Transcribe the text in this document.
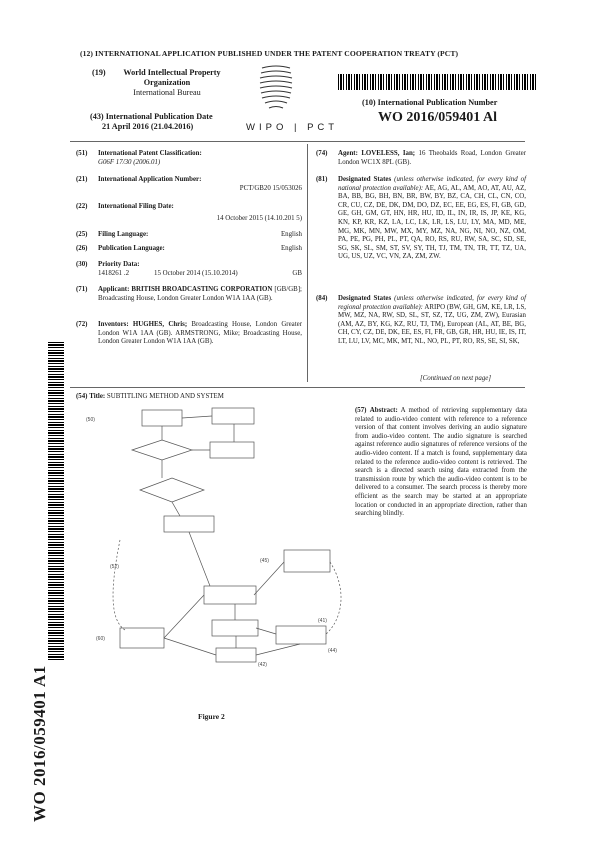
(12) INTERNATIONAL APPLICATION PUBLISHED UNDER THE PATENT COOPERATION TREATY (PCT)
(19)	World Intellectual Property
Organization
International Bureau
(43) International Publication Date
21 April 2016 (21.04.2016)	WIPO | PCT
(10) International Publication Number
WO 2016/059401 Al
(51) International Patent Classification:
G06F 17/30 (2006.01)
(21) International Application Number:
PCT/GB20 15/053026
(22) International Filing Date:
14 October 2015 (14.10.201 5)
(25) Filing Language:	English
(26) Publication Language:	English
(30) Priority Data:
1418261 .2	15 October 2014 (15.10.2014)	GB
(71) Applicant: BRITISH BROADCASTING CORPORATION [GB/GB]; Broadcasting House, London Greater London W1A 1AA (GB).
(72) Inventors: HUGHES, Chris; Broadcasting House, London Greater London W1A 1AA (GB). ARMSTRONG, Mike; Broadcasting House, London Greater London W1A 1AA (GB).
(74) Agent: LOVELESS, Ian; 16 Theobalds Road, London Greater London WC1X 8PL (GB).
(81) Designated States (unless otherwise indicated, for every kind of national protection available): AE, AG, AL, AM, AO, AT, AU, AZ, BA, BB, BG, BH, BN, BR, BW, BY, BZ, CA, CH, CL, CN, CO, CR, CU, CZ, DE, DK, DM, DO, DZ, EC, EE, EG, ES, FI, GB, GD, GE, GH, GM, GT, HN, HR, HU, ID, IL, IN, IR, IS, JP, KE, KG, KN, KP, KR, KZ, LA, LC, LK, LR, LS, LU, LY, MA, MD, ME, MG, MK, MN, MW, MX, MY, MZ, NA, NG, NI, NO, NZ, OM, PA, PE, PG, PH, PL, PT, QA, RO, RS, RU, RW, SA, SC, SD, SE, SG, SK, SL, SM, ST, SV, SY, TH, TJ, TM, TN, TR, TT, TZ, UA, UG, US, UZ, VC, VN, ZA, ZM, ZW.
(84) Designated States (unless otherwise indicated, for every kind of regional protection available): ARIPO (BW, GH, GM, KE, LR, LS, MW, MZ, NA, RW, SD, SL, ST, SZ, TZ, UG, ZM, ZW), Eurasian (AM, AZ, BY, KG, KZ, RU, TJ, TM), European (AL, AT, BE, BG, CH, CY, CZ, DE, DK, EE, ES, FI, FR, GB, GR, HR, HU, IE, IS, IT, LT, LU, LV, MC, MK, MT, NL, NO, PL, PT, RO, RS, SE, SI, SK,
[Continued on next page]
(54) Title: SUBTITLING METHOD AND SYSTEM
(57) Abstract: A method of retrieving supplementary data related to audio-video content with reference to a reference version of that content involves deriving an audio signature from audio-video content. The audio signature is searched against reference audio signatures of reference versions of the audio-video content. If a match is found, supplementary data related to the reference audio-video content is retrieved. The search is a directed search using data extracted from the transmission route by which the audio-video content is to be delivered to a consumer. The search process is thereby more efficient as the search may be started at an appropriate location or conducted in an appropriate direction, rather than searching blindly.
(50)
(52)
(60)
(41)
(42)
(44)
(45)
Figure 2
WO 2016/059401 A1
